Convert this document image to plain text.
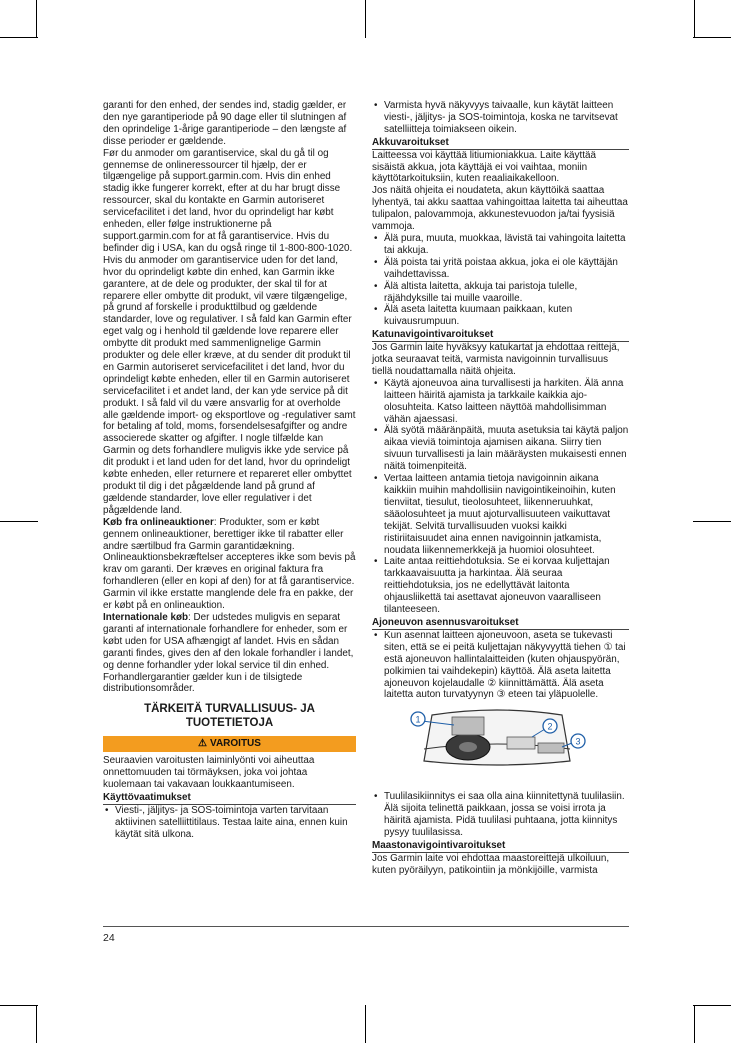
garanti for den enhed, der sendes ind, stadig gælder, er den nye garantiperiode på 90 dage eller til slutningen af den oprindelige 1-årige garantiperiode – den længste af disse perioder er gældende.

Før du anmoder om garantiservice, skal du gå til og gennemse de onlineressourcer til hjælp, der er tilgængelige på support.garmin.com. Hvis din enhed stadig ikke fungerer korrekt, efter at du har brugt disse ressourcer, skal du kontakte en Garmin autoriseret servicefacilitet i det land, hvor du oprindeligt har købt enheden, eller følge instruktionerne på support.garmin.com for at få garantiservice. Hvis du befinder dig i USA, kan du også ringe til 1-800-800-1020.

Hvis du anmoder om garantiservice uden for det land, hvor du oprindeligt købte din enhed, kan Garmin ikke garantere, at de dele og produkter, der skal til for at reparere eller ombytte dit produkt, vil være tilgængelige, på grund af forskelle i produkttilbud og gældende standarder, love og regulativer. I så fald kan Garmin efter eget valg og i henhold til gældende love reparere eller ombytte dit produkt med sammenlignelige Garmin produkter og dele eller kræve, at du sender dit produkt til en Garmin autoriseret servicefacilitet i det land, hvor du oprindeligt købte enheden, eller til en Garmin autoriseret servicefacilitet i et andet land, der kan yde service på dit produkt. I så fald vil du være ansvarlig for at overholde alle gældende import- og eksportlove og -regulativer samt for betaling af told, moms, forsendelsesafgifter og andre associerede skatter og afgifter. I nogle tilfælde kan Garmin og dets forhandlere muligvis ikke yde service på dit produkt i et land uden for det land, hvor du oprindeligt købte enheden, eller returnere et repareret eller ombyttet produkt til dig i det pågældende land på grund af gældende standarder, love eller regulativer i det pågældende land.

Køb fra onlineauktioner: Produkter, som er købt gennem onlineauktioner, berettiger ikke til rabatter eller andre særtilbud fra Garmin garantidækning. Onlineauktionsbekræftelser accepteres ikke som bevis på krav om garanti. Der kræves en original faktura fra forhandleren (eller en kopi af den) for at få garantiservice. Garmin vil ikke erstatte manglende dele fra en pakke, der er købt på en onlineauktion.

Internationale køb: Der udstedes muligvis en separat garanti af internationale forhandlere for enheder, som er købt uden for USA afhængigt af landet. Hvis en sådan garanti findes, gives den af den lokale forhandler i landet, og denne forhandler yder lokal service til din enhed. Forhandlergarantier gælder kun i de tilsigtede distributionsområder.

TÄRKEITÄ TURVALLISUUS- JA TUOTETIETOJA
⚠ VAROITUS

Seuraavien varoitusten laiminlyönti voi aiheuttaa onnettomuuden tai törmäyksen, joka voi johtaa kuolemaan tai vakavaan loukkaantumiseen.

Käyttövaatimukset
• Viesti-, jäljitys- ja SOS-toimintoja varten tarvitaan aktiivinen satelliittitilaus. Testaa laite aina, ennen kuin käytät sitä ulkona.
• Varmista hyvä näkyvyys taivaalle, kun käytät laitteen viesti-, jäljitys- ja SOS-toimintoja, koska ne tarvitsevat satelliitteja toimiakseen oikein.
Akkuvaroitukset

Laitteessa voi käyttää litiumioniakkua. Laite käyttää sisäistä akkua, jota käyttäjä ei voi vaihtaa, moniin käyttötarkoituksiin, kuten reaaliaikakelloon.

Jos näitä ohjeita ei noudateta, akun käyttöikä saattaa lyhentyä, tai akku saattaa vahingoittaa laitetta tai aiheuttaa tulipalon, palovammoja, akkunestevuodon ja/tai fyysisiä vammoja.

• Älä pura, muuta, muokkaa, lävistä tai vahingoita laitetta tai akkuja.
• Älä poista tai yritä poistaa akkua, joka ei ole käyttäjän vaihdettavissa.
• Älä altista laitetta, akkuja tai paristoja tulelle, räjähdyksille tai muille vaaroille.
• Älä aseta laitetta kuumaan paikkaan, kuten kuivausrumpuun.
Katunavigointivaroitukset

Jos Garmin laite hyväksyy katukartat ja ehdottaa reittejä, jotka seuraavat teitä, varmista navigoinnin turvallisuus tiellä noudattamalla näitä ohjeita.

• Käytä ajoneuvoa aina turvallisesti ja harkiten. Älä anna laitteen häiritä ajamista ja tarkkaile kaikkia ajo-olosuhteita. Katso laitteen näyttöä mahdollisimman vähän ajaessasi.
• Älä syötä määränpäitä, muuta asetuksia tai käytä paljon aikaa vieviä toimintoja ajamisen aikana. Siirry tien sivuun turvallisesti ja lain määräysten mukaisesti ennen näitä toimenpiteitä.
• Vertaa laitteen antamia tietoja navigoinnin aikana kaikkiin muihin mahdollisiin navigointikeinoihin, kuten tienviitat, tiesulut, tieolosuhteet, liikenneruuhkat, sääolosuhteet ja muut ajoturvallisuuteen vaikuttavat tekijät. Selvitä turvallisuuden vuoksi kaikki ristiriitaisuudet aina ennen navigoinnin jatkamista, noudata liikennemerkkejä ja huomioi olosuhteet.
• Laite antaa reittiehdotuksia. Se ei korvaa kuljettajan tarkkaavaisuutta ja harkintaa. Älä seuraa reittiehdotuksia, jos ne edellyttävät laitonta ohjausliikettä tai asettavat ajoneuvon vaaralliseen tilanteeseen.
Ajoneuvon asennusvaroitukset
• Kun asennat laitteen ajoneuvoon, aseta se tukevasti siten, että se ei peitä kuljettajan näkyvyyttä tiehen ① tai estä ajoneuvon hallintalaitteiden (kuten ohjauspyörän, polkimien tai vaihdekepin) käyttöä. Älä aseta laitetta ajoneuvon kojelaudalle ② kiinnittämättä. Älä aseta laitetta auton turvatyynyn ③ eteen tai yläpuolelle.
1
2
3
• Tuulilasikiinnitys ei saa olla aina kiinnitettynä tuulilasiin. Älä sijoita telinettä paikkaan, jossa se voisi irrota ja häiritä ajamista. Pidä tuulilasi puhtaana, jotta kiinnitys pysyy tuulilasissa.
Maastonavigointivaroitukset

Jos Garmin laite voi ehdottaa maastoreittejä ulkoiluun, kuten pyöräilyyn, patikointiin ja mönkijöille, varmista

24
